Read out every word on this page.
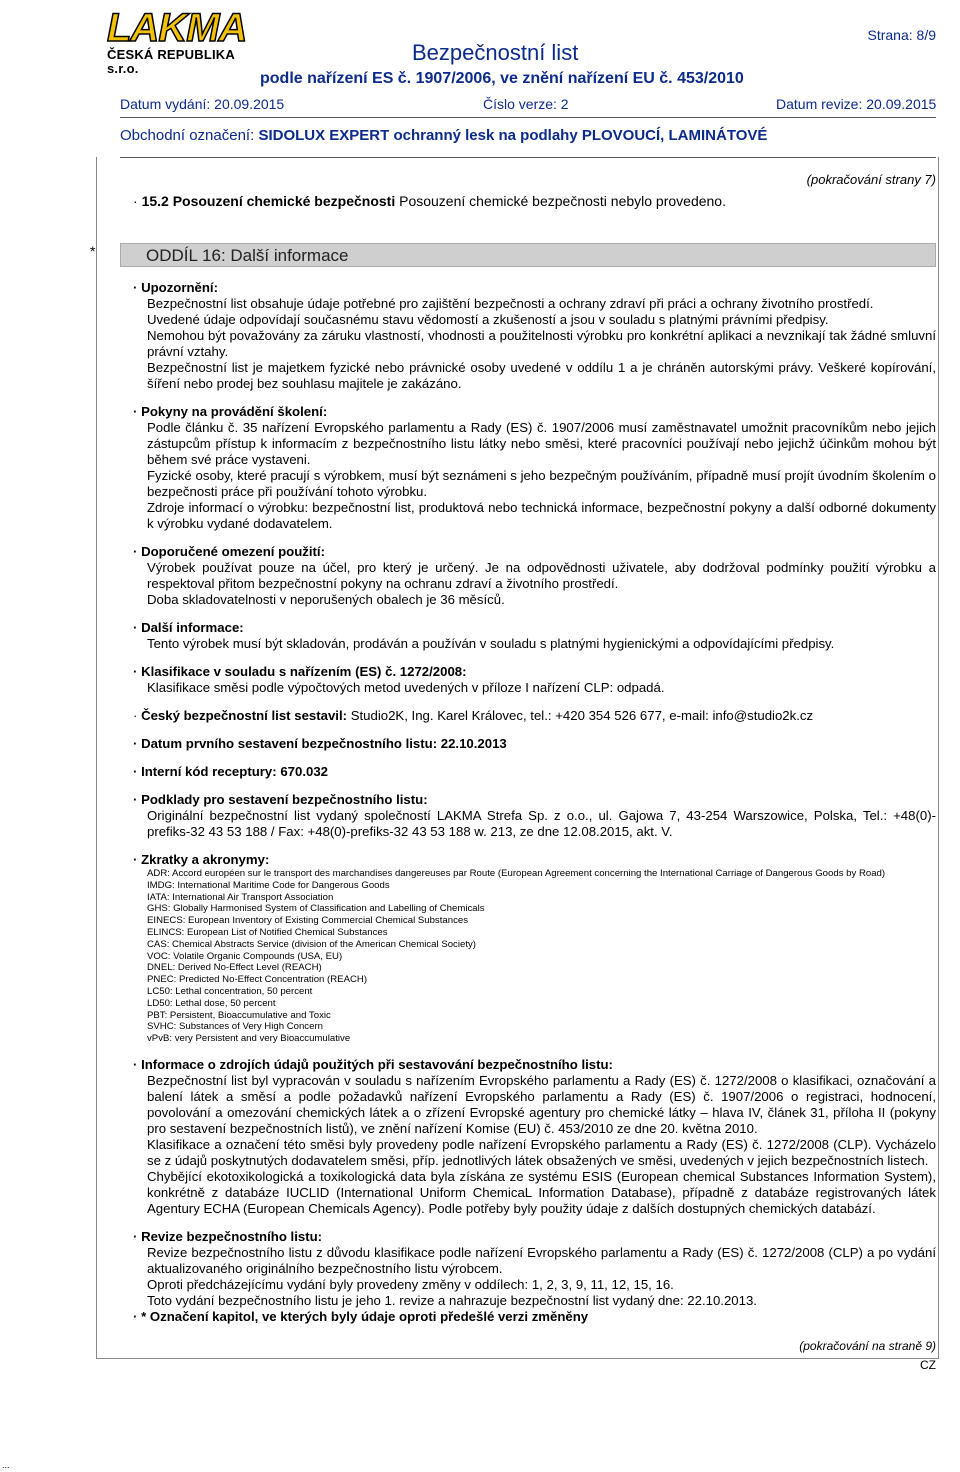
LAKMA
ČESKÁ REPUBLIKA s.r.o.
Strana: 8/9
Bezpečnostní list
podle nařízení ES č. 1907/2006, ve znění nařízení EU č. 453/2010
Datum vydání: 20.09.2015	Číslo verze: 2	Datum revize: 20.09.2015
Obchodní označení: SIDOLUX EXPERT ochranný lesk na podlahy PLOVOUCÍ, LAMINÁTOVÉ
(pokračování strany 7)
· 15.2 Posouzení chemické bezpečnosti Posouzení chemické bezpečnosti nebylo provedeno.
*	ODDÍL 16: Další informace
· Upozornění:
Bezpečnostní list obsahuje údaje potřebné pro zajištění bezpečnosti a ochrany zdraví při práci a ochrany životního prostředí.
Uvedené údaje odpovídají současnému stavu vědomostí a zkušeností a jsou v souladu s platnými právními předpisy.
Nemohou být považovány za záruku vlastností, vhodnosti a použitelnosti výrobku pro konkrétní aplikaci a nevznikají tak žádné smluvní právní vztahy.
Bezpečnostní list je majetkem fyzické nebo právnické osoby uvedené v oddílu 1 a je chráněn autorskými právy. Veškeré kopírování, šíření nebo prodej bez souhlasu majitele je zakázáno.
· Pokyny na provádění školení:
Podle článku č. 35 nařízení Evropského parlamentu a Rady (ES) č. 1907/2006 musí zaměstnavatel umožnit pracovníkům nebo jejich zástupcům přístup k informacím z bezpečnostního listu látky nebo směsi, které pracovníci používají nebo jejichž účinkům mohou být během své práce vystaveni.
Fyzické osoby, které pracují s výrobkem, musí být seznámeni s jeho bezpečným používáním, případně musí projít úvodním školením o bezpečnosti práce při používání tohoto výrobku.
Zdroje informací o výrobku: bezpečnostní list, produktová nebo technická informace, bezpečnostní pokyny a další odborné dokumenty k výrobku vydané dodavatelem.
· Doporučené omezení použití:
Výrobek používat pouze na účel, pro který je určený. Je na odpovědnosti uživatele, aby dodržoval podmínky použití výrobku a respektoval přitom bezpečnostní pokyny na ochranu zdraví a životního prostředí.
Doba skladovatelnosti v neporušených obalech je 36 měsíců.
· Další informace:
Tento výrobek musí být skladován, prodáván a používán v souladu s platnými hygienickými a odpovídajícími předpisy.
· Klasifikace v souladu s nařízením (ES) č. 1272/2008:
Klasifikace směsi podle výpočtových metod uvedených v příloze I nařízení CLP: odpadá.
· Český bezpečnostní list sestavil: Studio2K, Ing. Karel Královec, tel.: +420 354 526 677, e-mail: info@studio2k.cz
· Datum prvního sestavení bezpečnostního listu: 22.10.2013
· Interní kód receptury: 670.032
· Podklady pro sestavení bezpečnostního listu:
Originální bezpečnostní list vydaný společností LAKMA Strefa Sp. z o.o., ul. Gajowa 7, 43-254 Warszowice, Polska, Tel.: +48(0)-prefiks-32 43 53 188 / Fax: +48(0)-prefiks-32 43 53 188 w. 213, ze dne 12.08.2015, akt. V.
· Zkratky a akronymy:
ADR: Accord européen sur le transport des marchandises dangereuses par Route (European Agreement concerning the International Carriage of Dangerous Goods by Road)
IMDG: International Maritime Code for Dangerous Goods
IATA: International Air Transport Association
GHS: Globally Harmonised System of Classification and Labelling of Chemicals
EINECS: European Inventory of Existing Commercial Chemical Substances
ELINCS: European List of Notified Chemical Substances
CAS: Chemical Abstracts Service (division of the American Chemical Society)
VOC: Volatile Organic Compounds (USA, EU)
DNEL: Derived No-Effect Level (REACH)
PNEC: Predicted No-Effect Concentration (REACH)
LC50: Lethal concentration, 50 percent
LD50: Lethal dose, 50 percent
PBT: Persistent, Bioaccumulative and Toxic
SVHC: Substances of Very High Concern
vPvB: very Persistent and very Bioaccumulative
· Informace o zdrojích údajů použitých při sestavování bezpečnostního listu:
Bezpečnostní list byl vypracován v souladu s nařízením Evropského parlamentu a Rady (ES) č. 1272/2008 o klasifikaci, označování a balení látek a směsí a podle požadavků nařízení Evropského parlamentu a Rady (ES) č. 1907/2006 o registraci, hodnocení, povolování a omezování chemických látek a o zřízení Evropské agentury pro chemické látky – hlava IV, článek 31, příloha II (pokyny pro sestavení bezpečnostních listů), ve znění nařízení Komise (EU) č. 453/2010 ze dne 20. května 2010.
Klasifikace a označení této směsi byly provedeny podle nařízení Evropského parlamentu a Rady (ES) č. 1272/2008 (CLP). Vycházelo se z údajů poskytnutých dodavatelem směsi, příp. jednotlivých látek obsažených ve směsi, uvedených v jejich bezpečnostních listech.
Chybějící ekotoxikologická a toxikologická data byla získána ze systému ESIS (European chemical Substances Information System), konkrétně z databáze IUCLID (International Uniform ChemicaL Information Database), případně z databáze registrovaných látek Agentury ECHA (European Chemicals Agency). Podle potřeby byly použity údaje z dalších dostupných chemických databází.
· Revize bezpečnostního listu:
Revize bezpečnostního listu z důvodu klasifikace podle nařízení Evropského parlamentu a Rady (ES) č. 1272/2008 (CLP) a po vydání aktualizovaného originálního bezpečnostního listu výrobcem.
Oproti předcházejícímu vydání byly provedeny změny v oddílech: 1, 2, 3, 9, 11, 12, 15, 16.
Toto vydání bezpečnostního listu je jeho 1. revize a nahrazuje bezpečnostní list vydaný dne: 22.10.2013.
· * Označení kapitol, ve kterých byly údaje oproti předešlé verzi změněny
(pokračování na straně 9)
CZ
...
